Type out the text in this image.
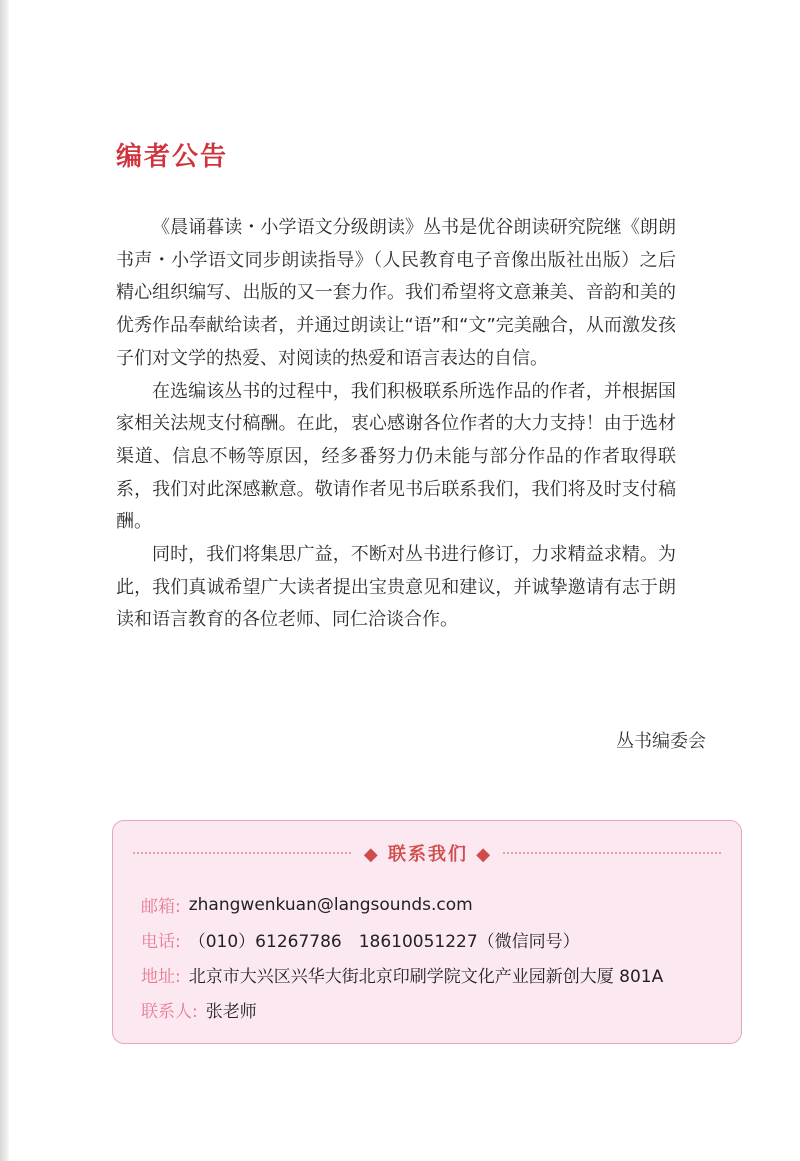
编者公告

《晨诵暮读・小学语文分级朗读》丛书是优谷朗读研究院继《朗朗书声・小学语文同步朗读指导》（人民教育电子音像出版社出版）之后精心组织编写、出版的又一套力作。我们希望将文意兼美、音韵和美的优秀作品奉献给读者，并通过朗读让“语”和“文”完美融合，从而激发孩子们对文学的热爱、对阅读的热爱和语言表达的自信。

在选编该丛书的过程中，我们积极联系所选作品的作者，并根据国家相关法规支付稿酬。在此，衷心感谢各位作者的大力支持！由于选材渠道、信息不畅等原因，经多番努力仍未能与部分作品的作者取得联系，我们对此深感歉意。敬请作者见书后联系我们，我们将及时支付稿酬。

同时，我们将集思广益，不断对丛书进行修订，力求精益求精。为此，我们真诚希望广大读者提出宝贵意见和建议，并诚挚邀请有志于朗读和语言教育的各位老师、同仁洽谈合作。

丛书编委会
◆ 联系我们 ◆
邮箱: zhangwenkuan@langsounds.com
电话: （010）61267786　18610051227（微信同号）
地址: 北京市大兴区兴华大街北京印刷学院文化产业园新创大厦 801A
联系人: 张老师
